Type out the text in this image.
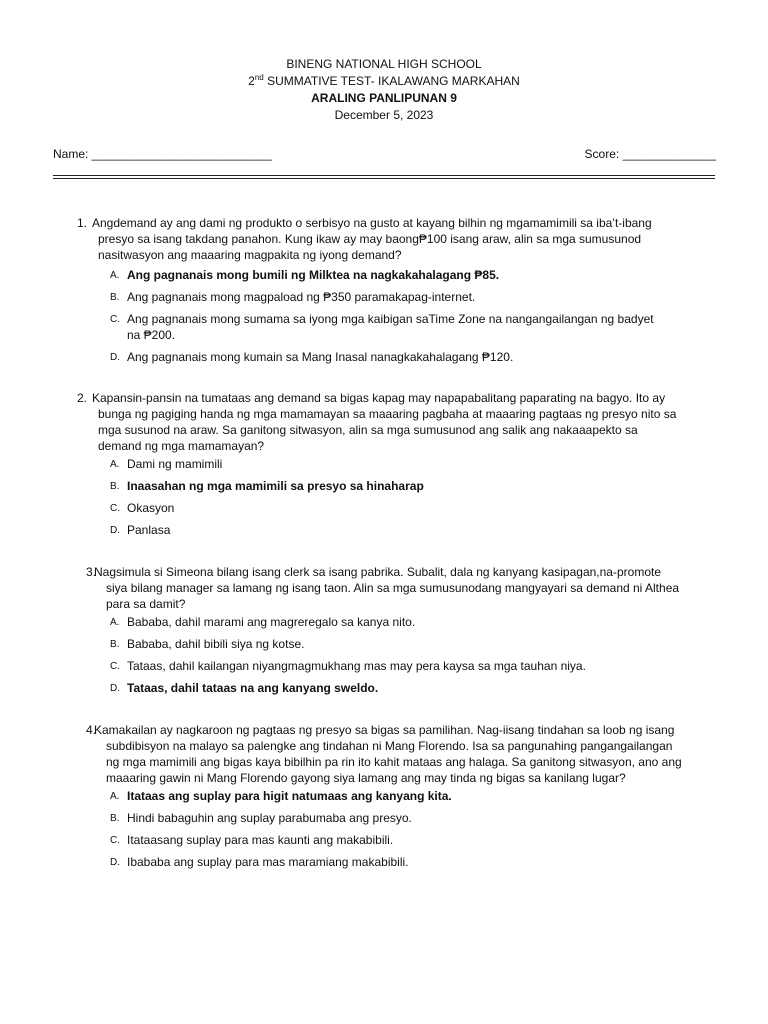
BINENG NATIONAL HIGH SCHOOL
2nd SUMMATIVE TEST- IKALAWANG MARKAHAN
ARALING PANLIPUNAN 9
December 5, 2023
Name: ___________________________	Score: ______________

1. Angdemand ay ang dami ng produkto o serbisyo na gusto at kayang bilhin ng mgamamimili sa iba’t-ibang presyo sa isang takdang panahon. Kung ikaw ay may baong₱100 isang araw, alin sa mga sumusunod nasitwasyon ang maaaring magpakita ng iyong demand?

A. Ang pagnanais mong bumili ng Milktea na nagkakahalagang ₱85.
B. Ang pagnanais mong magpaload ng ₱350 paramakapag-internet.
C. Ang pagnanais mong sumama sa iyong mga kaibigan saTime Zone na nangangailangan ng badyet na ₱200.
D. Ang pagnanais mong kumain sa Mang Inasal nanagkakahalagang ₱120.

2. Kapansin-pansin na tumataas ang demand sa bigas kapag may napapabalitang paparating na bagyo. Ito ay bunga ng pagiging handa ng mga mamamayan sa maaaring pagbaha at maaaring pagtaas ng presyo nito sa mga susunod na araw. Sa ganitong sitwasyon, alin sa mga sumusunod ang salik ang nakaaapekto sa demand ng mga mamamayan?

A. Dami ng mamimili
B. Inaasahan ng mga mamimili sa presyo sa hinaharap
C. Okasyon
D. Panlasa

3.
Nagsimula si Simeona bilang isang clerk sa isang pabrika. Subalit, dala ng kanyang kasipagan,na-promote siya bilang manager sa lamang ng isang taon. Alin sa mga sumusunodang mangyayari sa demand ni Althea para sa damit?

A. Bababa, dahil marami ang magreregalo sa kanya nito.
B. Bababa, dahil bibili siya ng kotse.
C. Tataas, dahil kailangan niyangmagmukhang mas may pera kaysa sa mga tauhan niya.
D. Tataas, dahil tataas na ang kanyang sweldo.

4.
Kamakailan ay nagkaroon ng pagtaas ng presyo sa bigas sa pamilihan. Nag-iisang tindahan sa loob ng isang subdibisyon na malayo sa palengke ang tindahan ni Mang Florendo. Isa sa pangunahing pangangailangan ng mga mamimili ang bigas kaya bibilhin pa rin ito kahit mataas ang halaga. Sa ganitong sitwasyon, ano ang maaaring gawin ni Mang Florendo gayong siya lamang ang may tinda ng bigas sa kanilang lugar?

A. Itataas ang suplay para higit natumaas ang kanyang kita.
B. Hindi babaguhin ang suplay parabumaba ang presyo.
C. Itataasang suplay para mas kaunti ang makabibili.
D. Ibababa ang suplay para mas maramiang makabibili.
